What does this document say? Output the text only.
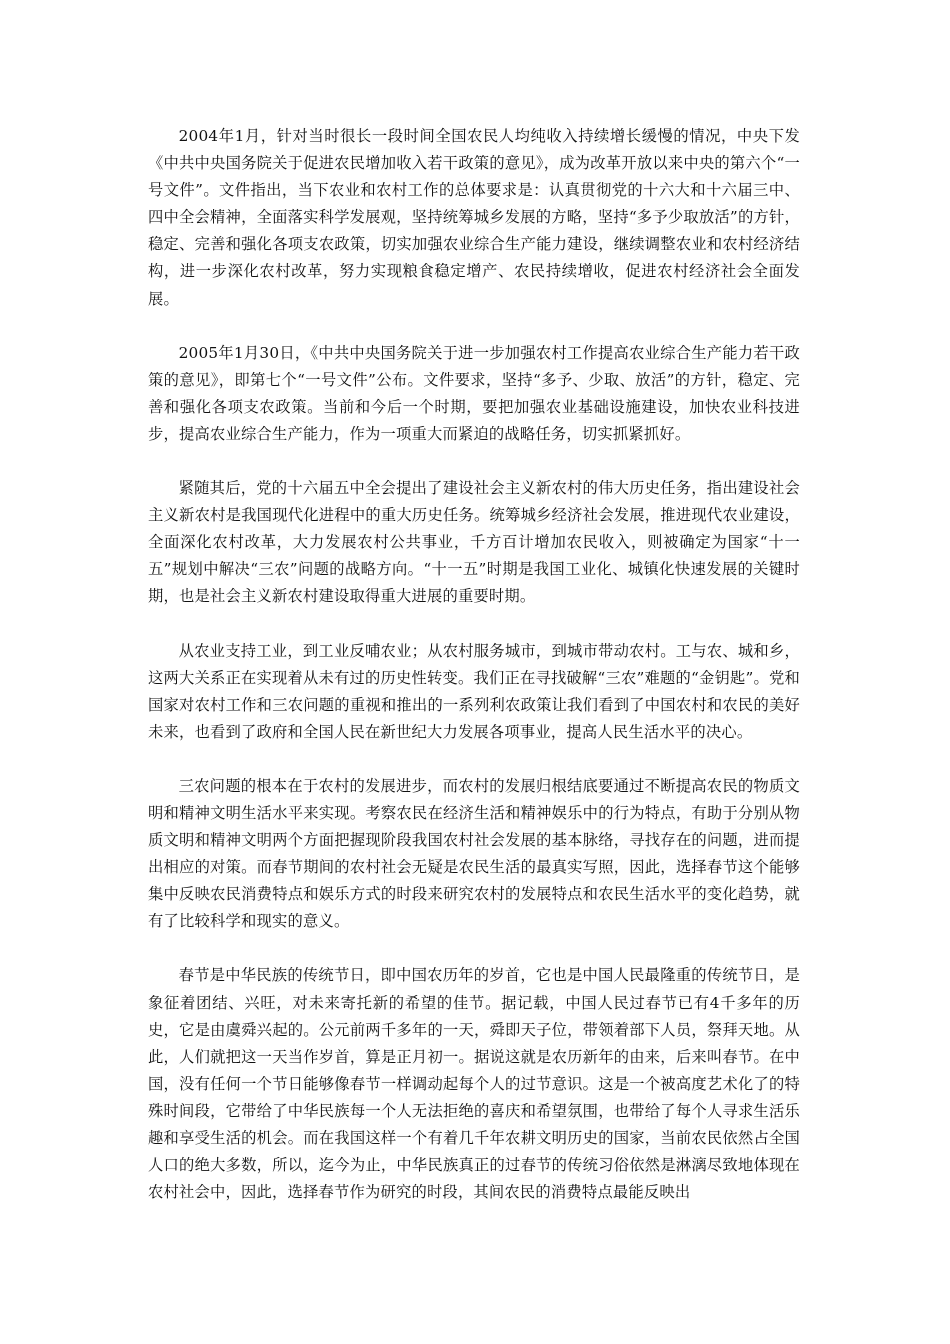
2004年1月，针对当时很长一段时间全国农民人均纯收入持续增长缓慢的情况，中央下发《中共中央国务院关于促进农民增加收入若干政策的意见》，成为改革开放以来中央的第六个“一号文件”。文件指出，当下农业和农村工作的总体要求是：认真贯彻党的十六大和十六届三中、四中全会精神，全面落实科学发展观，坚持统筹城乡发展的方略，坚持“多予少取放活”的方针，稳定、完善和强化各项支农政策，切实加强农业综合生产能力建设，继续调整农业和农村经济结构，进一步深化农村改革，努力实现粮食稳定增产、农民持续增收，促进农村经济社会全面发展。

2005年1月30日，《中共中央国务院关于进一步加强农村工作提高农业综合生产能力若干政策的意见》，即第七个“一号文件”公布。文件要求，坚持“多予、少取、放活”的方针，稳定、完善和强化各项支农政策。当前和今后一个时期，要把加强农业基础设施建设，加快农业科技进步，提高农业综合生产能力，作为一项重大而紧迫的战略任务，切实抓紧抓好。

紧随其后，党的十六届五中全会提出了建设社会主义新农村的伟大历史任务，指出建设社会主义新农村是我国现代化进程中的重大历史任务。统筹城乡经济社会发展，推进现代农业建设，全面深化农村改革，大力发展农村公共事业，千方百计增加农民收入，则被确定为国家“十一五”规划中解决“三农”问题的战略方向。“十一五”时期是我国工业化、城镇化快速发展的关键时期，也是社会主义新农村建设取得重大进展的重要时期。

从农业支持工业，到工业反哺农业；从农村服务城市，到城市带动农村。工与农、城和乡，这两大关系正在实现着从未有过的历史性转变。我们正在寻找破解“三农”难题的“金钥匙”。党和国家对农村工作和三农问题的重视和推出的一系列利农政策让我们看到了中国农村和农民的美好未来，也看到了政府和全国人民在新世纪大力发展各项事业，提高人民生活水平的决心。

三农问题的根本在于农村的发展进步，而农村的发展归根结底要通过不断提高农民的物质文明和精神文明生活水平来实现。考察农民在经济生活和精神娱乐中的行为特点，有助于分别从物质文明和精神文明两个方面把握现阶段我国农村社会发展的基本脉络，寻找存在的问题，进而提出相应的对策。而春节期间的农村社会无疑是农民生活的最真实写照，因此，选择春节这个能够集中反映农民消费特点和娱乐方式的时段来研究农村的发展特点和农民生活水平的变化趋势，就有了比较科学和现实的意义。

春节是中华民族的传统节日，即中国农历年的岁首，它也是中国人民最隆重的传统节日，是象征着团结、兴旺，对未来寄托新的希望的佳节。据记载，中国人民过春节已有4千多年的历史，它是由虞舜兴起的。公元前两千多年的一天，舜即天子位，带领着部下人员，祭拜天地。从此，人们就把这一天当作岁首，算是正月初一。据说这就是农历新年的由来，后来叫春节。在中国，没有任何一个节日能够像春节一样调动起每个人的过节意识。这是一个被高度艺术化了的特殊时间段，它带给了中华民族每一个人无法拒绝的喜庆和希望氛围，也带给了每个人寻求生活乐趣和享受生活的机会。而在我国这样一个有着几千年农耕文明历史的国家，当前农民依然占全国人口的绝大多数，所以，迄今为止，中华民族真正的过春节的传统习俗依然是淋漓尽致地体现在农村社会中，因此，选择春节作为研究的时段，其间农民的消费特点最能反映出
